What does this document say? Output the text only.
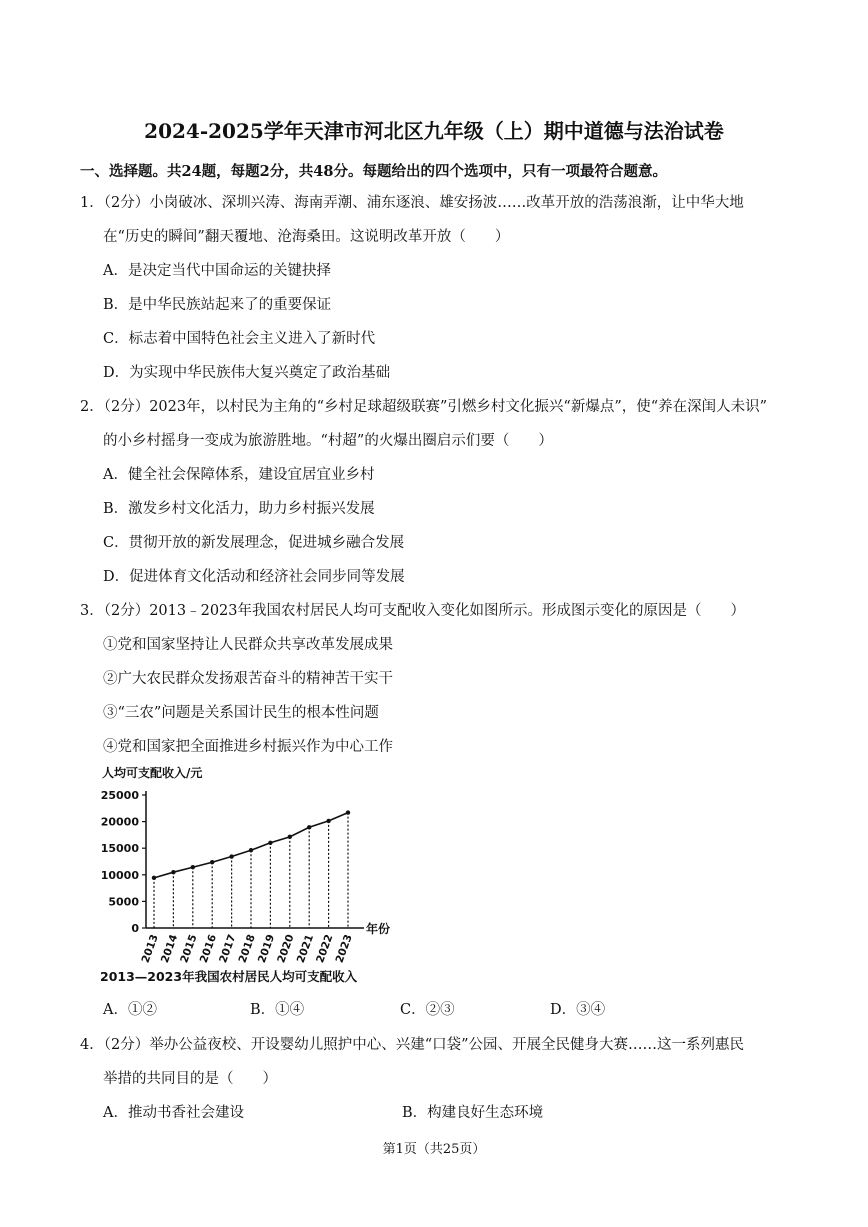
2024-2025学年天津市河北区九年级（上）期中道德与法治试卷
一、选择题。共24题，每题2分，共48分。每题给出的四个选项中，只有一项最符合题意。
1．（2分）小岗破冰、深圳兴涛、海南弄潮、浦东逐浪、雄安扬波……改革开放的浩荡浪渐，让中华大地
在“历史的瞬间”翻天覆地、沧海桑田。这说明改革开放（　　）
A．是决定当代中国命运的关键抉择
B．是中华民族站起来了的重要保证
C．标志着中国特色社会主义进入了新时代
D．为实现中华民族伟大复兴奠定了政治基础
2．（2分）2023年，以村民为主角的“乡村足球超级联赛”引燃乡村文化振兴“新爆点”，使“养在深闺人未识”
的小乡村摇身一变成为旅游胜地。“村超”的火爆出圈启示们要（　　）
A．健全社会保障体系，建设宜居宜业乡村
B．激发乡村文化活力，助力乡村振兴发展
C．贯彻开放的新发展理念，促进城乡融合发展
D．促进体育文化活动和经济社会同步同等发展
3．（2分）2013﹣2023年我国农村居民人均可支配收入变化如图所示。形成图示变化的原因是（　　）
①党和国家坚持让人民群众共享改革发展成果
②广大农民群众发扬艰苦奋斗的精神苦干实干
③“三农”问题是关系国计民生的根本性问题
④党和国家把全面推进乡村振兴作为中心工作
人均可支配收入/元
0
5000
10000
15000
20000
25000
2013
2014
2015
2016
2017
2018
2019
2020
2021
2022
2023
年份
2013—2023年我国农村居民人均可支配收入
A．①②	B．①④	C．②③	D．③④
4．（2分）举办公益夜校、开设婴幼儿照护中心、兴建“口袋”公园、开展全民健身大赛……这一系列惠民
举措的共同目的是（　　）
A．推动书香社会建设	B．构建良好生态环境
第1页（共25页）
